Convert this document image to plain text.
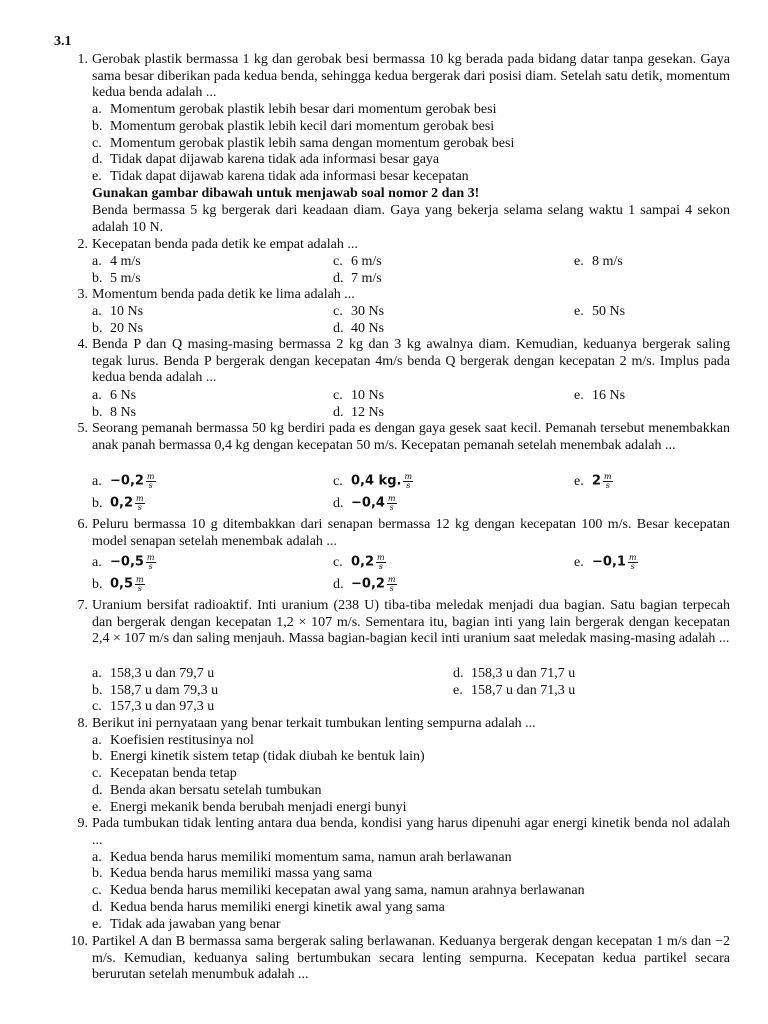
3.1
1. Gerobak plastik bermassa 1 kg dan gerobak besi bermassa 10 kg berada pada bidang datar tanpa gesekan. Gaya sama besar diberikan pada kedua benda, sehingga kedua bergerak dari posisi diam. Setelah satu detik, momentum kedua benda adalah ...
a. Momentum gerobak plastik lebih besar dari momentum gerobak besi
b. Momentum gerobak plastik lebih kecil dari momentum gerobak besi
c. Momentum gerobak plastik lebih sama dengan momentum gerobak besi
d. Tidak dapat dijawab karena tidak ada informasi besar gaya
e. Tidak dapat dijawab karena tidak ada informasi besar kecepatan
Gunakan gambar dibawah untuk menjawab soal nomor 2 dan 3!
Benda bermassa 5 kg bergerak dari keadaan diam. Gaya yang bekerja selama selang waktu 1 sampai 4 sekon adalah 10 N.
2. Kecepatan benda pada detik ke empat adalah ...
a. 4 m/s	c. 6 m/s	e. 8 m/s
b. 5 m/s	d. 7 m/s
3. Momentum benda pada detik ke lima adalah ...
a. 10 Ns	c. 30 Ns	e. 50 Ns
b. 20 Ns	d. 40 Ns
4. Benda P dan Q masing-masing bermassa 2 kg dan 3 kg awalnya diam. Kemudian, keduanya bergerak saling tegak lurus. Benda P bergerak dengan kecepatan 4m/s benda Q bergerak dengan kecepatan 2 m/s. Implus pada kedua benda adalah ...
a. 6 Ns	c. 10 Ns	e. 16 Ns
b. 8 Ns	d. 12 Ns
5. Seorang pemanah bermassa 50 kg berdiri pada es dengan gaya gesek saat kecil. Pemanah tersebut menembakkan anak panah bermassa 0,4 kg dengan kecepatan 50 m/s. Kecepatan pemanah setelah menembak adalah ...
a. $-0,2 \frac{m}{s}$	c. 0,4 kg. $\frac{m}{s}$	e. $2 \frac{m}{s}$
b. $0,2 \frac{m}{s}$	d. $-0,4 \frac{m}{s}$
6. Peluru bermassa 10 g ditembakkan dari senapan bermassa 12 kg dengan kecepatan 100 m/s. Besar kecepatan model senapan setelah menembak adalah ...
a. $-0,5 \frac{m}{s}$	c. $0,2 \frac{m}{s}$	e. $-0,1 \frac{m}{s}$
b. $0,5 \frac{m}{s}$	d. $-0,2 \frac{m}{s}$
7. Uranium bersifat radioaktif. Inti uranium (238 U) tiba-tiba meledak menjadi dua bagian. Satu bagian terpecah dan bergerak dengan kecepatan 1,2 × 107 m/s. Sementara itu, bagian inti yang lain bergerak dengan kecepatan 2,4 × 107 m/s dan saling menjauh. Massa bagian-bagian kecil inti uranium saat meledak masing-masing adalah ...
a. 158,3 u dan 79,7 u	d. 158,3 u dan 71,7 u
b. 158,7 u dam 79,3 u	e. 158,7 u dan 71,3 u
c. 157,3 u dan 97,3 u
8. Berikut ini pernyataan yang benar terkait tumbukan lenting sempurna adalah ...
a. Koefisien restitusinya nol
b. Energi kinetik sistem tetap (tidak diubah ke bentuk lain)
c. Kecepatan benda tetap
d. Benda akan bersatu setelah tumbukan
e. Energi mekanik benda berubah menjadi energi bunyi
9. Pada tumbukan tidak lenting antara dua benda, kondisi yang harus dipenuhi agar energi kinetik benda nol adalah ...
a. Kedua benda harus memiliki momentum sama, namun arah berlawanan
b. Kedua benda harus memiliki massa yang sama
c. Kedua benda harus memiliki kecepatan awal yang sama, namun arahnya berlawanan
d. Kedua benda harus memiliki energi kinetik awal yang sama
e. Tidak ada jawaban yang benar
10. Partikel A dan B bermassa sama bergerak saling berlawanan. Keduanya bergerak dengan kecepatan 1 m/s dan −2 m/s. Kemudian, keduanya saling bertumbukan secara lenting sempurna. Kecepatan kedua partikel secara berurutan setelah menumbuk adalah ...
